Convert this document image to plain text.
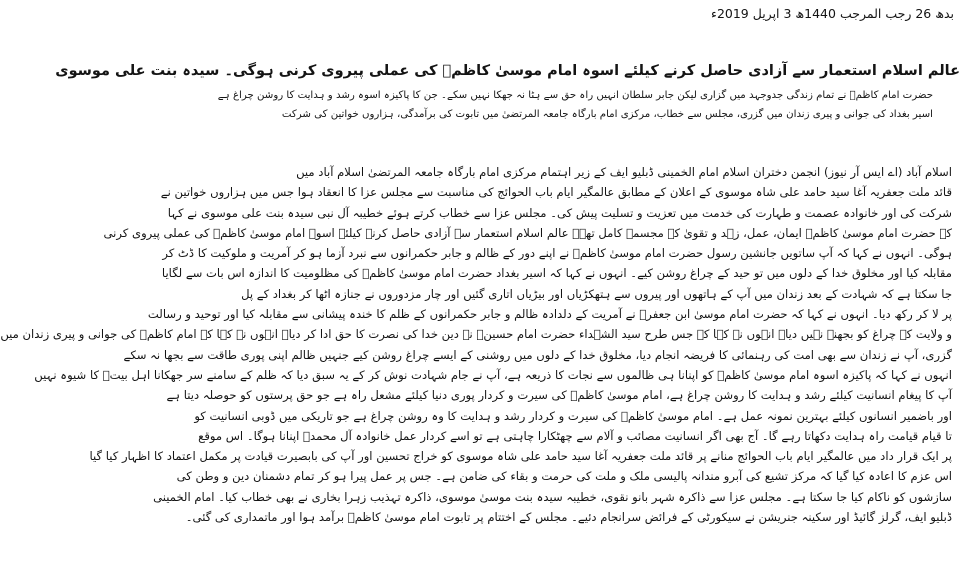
بدھ 26 رجب المرجب 1440ھ 3 اپریل 2019ء
عالم اسلام استعمار سے آزادی حاصل کرنے کیلئے اسوہ امام موسیٰ کاظمؑ کی عملی پیروی کرنی ہوگی۔ سیدہ بنت علی موسوی

حضرت امام کاظمؑ نے تمام زندگی جدوجہد میں گزاری لیکن جابر سلطان انہیں راہ حق سے ہٹا نہ جھکا نہیں سکے۔ جن کا پاکیزہ اسوہ رشد و ہدایت کا روشن چراغ ہے

اسیر بغداد کی جوانی و پیری زندان میں گزری، مجلس سے خطاب، مرکزی امام بارگاہ جامعہ المرتضیٰ میں تابوت کی برآمدگی، ہزاروں خواتین کی شرکت

اسلام آباد (اے ایس آر نیوز) انجمن دختران اسلام امام الخمینی ڈبلیو ایف کے زیر اہتمام مرکزی امام بارگاہ جامعہ المرتضیٰ اسلام آباد میں
قائد ملت جعفریہ آغا سید حامد علی شاہ موسوی کے اعلان کے مطابق عالمگیر ایام باب الحوائج کی مناسبت سے مجلس عزا کا انعقاد ہوا جس میں ہزاروں خواتین نے
شرکت کی اور خانوادہ عصمت و طہارت کی خدمت میں تعزیت و تسلیت پیش کی۔ مجلس عزا سے خطاب کرتے ہوئے خطیبہ آل نبی سیدہ بنت علی موسوی نے کہا
کہ حضرت امام موسیٰ کاظمؑ ایمان، عمل، زہد و تقویٰ کے مجسمہ کامل تھے۔ عالم اسلام استعمار سے آزادی حاصل کرنے کیلئے اسوہ امام موسیٰ کاظمؑ کی عملی پیروی کرنی
ہوگی۔ انہوں نے کہا کہ آپ ساتویں جانشین رسول حضرت امام موسیٰ کاظمؑ نے اپنے دور کے ظالم و جابر حکمرانوں سے نبرد آزما ہو کر آمریت و ملوکیت کا ڈٹ کر
مقابلہ کیا اور مخلوق خدا کے دلوں میں تو حید کے چراغ روشن کیے۔ انہوں نے کہا کہ اسیر بغداد حضرت امام موسیٰ کاظمؑ کی مظلومیت کا اندازہ اس بات سے لگایا
جا سکتا ہے کہ شہادت کے بعد زندان میں آپ کے ہاتھوں اور پیروں سے ہتھکڑیاں اور بیڑیاں اتاری گئیں اور چار مزدوروں نے جنازہ اٹھا کر بغداد کے پل
پر لا کر رکھ دیا۔ انہوں نے کہا کہ حضرت امام موسیٰ ابن جعفرؑ نے آمریت کے دلدادہ ظالم و جابر حکمرانوں کے ظلم کا خندہ پیشانی سے مقابلہ کیا اور توحید و رسالت
و ولایت کے چراغ کو بجھنے نہیں دیا۔ انہوں نے کہا کہ جس طرح سید الشہداء حضرت امام حسینؑ نے دین خدا کی نصرت کا حق ادا کر دیا۔ انہوں نے کہا کہ امام کاظمؑ کی جوانی و پیری زندان میں
گزری، آپ نے زندان سے بھی امت کی رہنمائی کا فریضہ انجام دیا، مخلوق خدا کے دلوں میں روشنی کے ایسے چراغ روشن کیے جنہیں ظالم اپنی پوری طاقت سے بجھا نہ سکے
انہوں نے کہا کہ پاکیزہ اسوہ امام موسیٰ کاظمؑ کو اپنانا ہی ظالموں سے نجات کا ذریعہ ہے، آپ نے جام شہادت نوش کر کے یہ سبق دیا کہ ظلم کے سامنے سر جھکانا اہل بیتؑ کا شیوہ نہیں
آپ کا پیغام انسانیت کیلئے رشد و ہدایت کا روشن چراغ ہے، امام موسیٰ کاظمؑ کی سیرت و کردار پوری دنیا کیلئے مشعل راہ ہے جو حق پرستوں کو حوصلہ دیتا ہے
اور باضمیر انسانوں کیلئے بہترین نمونہ عمل ہے۔ امام موسیٰ کاظمؑ کی سیرت و کردار رشد و ہدایت کا وہ روشن چراغ ہے جو تاریکی میں ڈوبی انسانیت کو
تا قیام قیامت راہ ہدایت دکھاتا رہے گا۔ آج بھی اگر انسانیت مصائب و آلام سے چھٹکارا چاہتی ہے تو اسے کردار عمل خانوادہ آل محمدؐ اپنانا ہوگا۔ اس موقع
پر ایک قرار داد میں عالمگیر ایام باب الحوائج منانے پر قائد ملت جعفریہ آغا سید حامد علی شاہ موسوی کو خراج تحسین اور آپ کی بابصیرت قیادت پر مکمل اعتماد کا اظہار کیا گیا
اس عزم کا اعادہ کیا گیا کہ مرکز تشیع کی آبرو مندانہ پالیسی ملک و ملت کی حرمت و بقاء کی ضامن ہے۔ جس پر عمل پیرا ہو کر تمام دشمنان دین و وطن کی
سازشوں کو ناکام کیا جا سکتا ہے۔ مجلس عزا سے ذاکرہ شہر بانو نقوی، خطیبہ سیدہ بنت موسیٰ موسوی، ذاکرہ تہذیب زہرا بخاری نے بھی خطاب کیا۔ امام الخمینی
ڈبلیو ایف، گرلز گائیڈ اور سکینہ جنریشن نے سیکورٹی کے فرائض سرانجام دئیے۔ مجلس کے اختتام پر تابوت امام موسیٰ کاظمؑ برآمد ہوا اور ماتمداری کی گئی۔
